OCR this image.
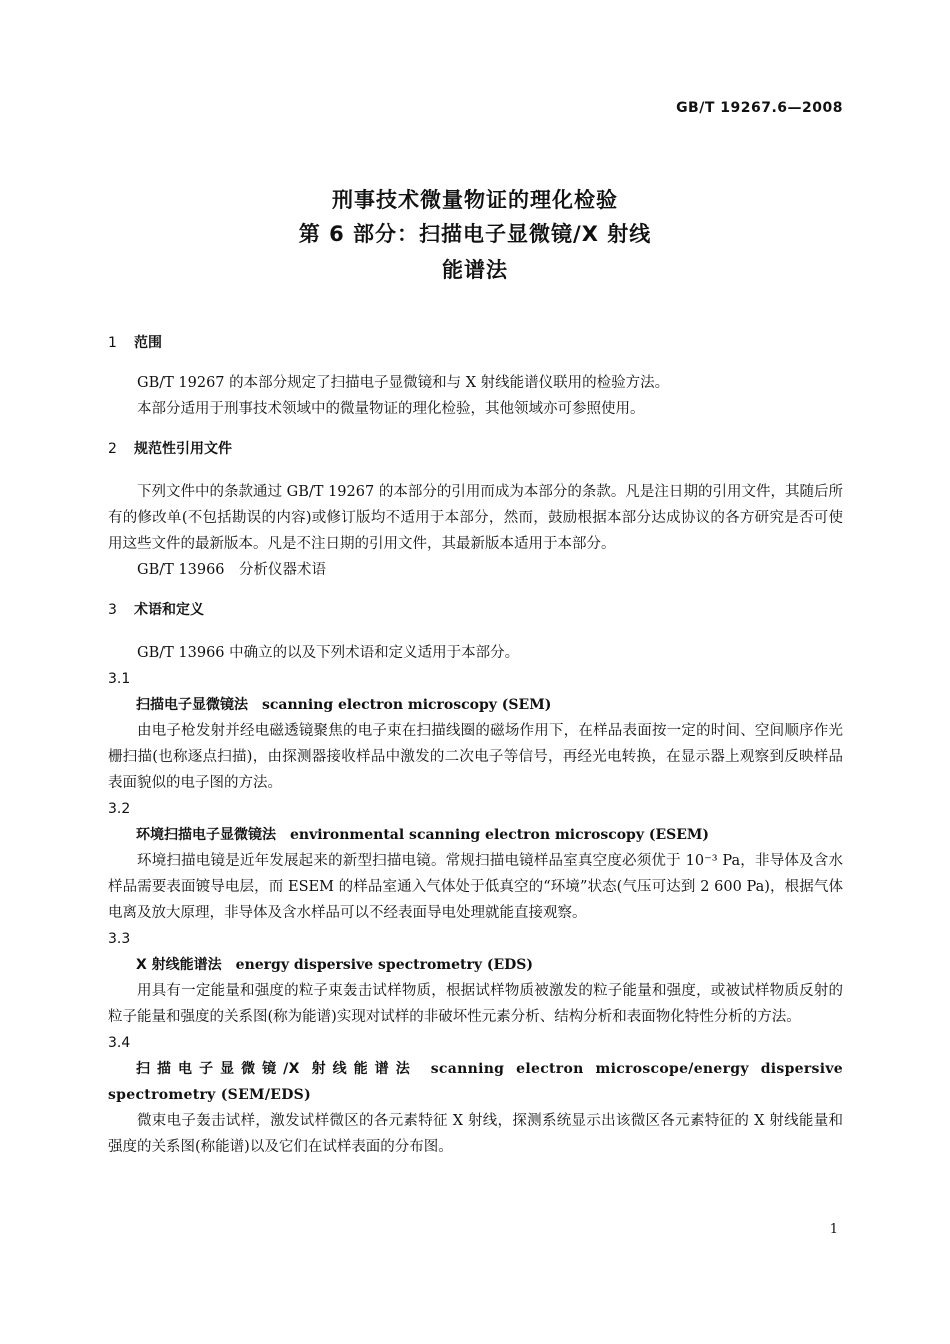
GB/T 19267.6—2008
刑事技术微量物证的理化检验
第 6 部分：扫描电子显微镜/X 射线
能谱法

1 范围

GB/T 19267 的本部分规定了扫描电子显微镜和与 X 射线能谱仪联用的检验方法。

本部分适用于刑事技术领域中的微量物证的理化检验，其他领域亦可参照使用。

2 规范性引用文件

下列文件中的条款通过 GB/T 19267 的本部分的引用而成为本部分的条款。凡是注日期的引用文件，其随后所有的修改单(不包括勘误的内容)或修订版均不适用于本部分，然而，鼓励根据本部分达成协议的各方研究是否可使用这些文件的最新版本。凡是不注日期的引用文件，其最新版本适用于本部分。

GB/T 13966　分析仪器术语

3 术语和定义

GB/T 13966 中确立的以及下列术语和定义适用于本部分。

3.1

扫描电子显微镜法 scanning electron microscopy (SEM)

由电子枪发射并经电磁透镜聚焦的电子束在扫描线圈的磁场作用下，在样品表面按一定的时间、空间顺序作光栅扫描(也称逐点扫描)，由探测器接收样品中激发的二次电子等信号，再经光电转换，在显示器上观察到反映样品表面貌似的电子图的方法。

3.2

环境扫描电子显微镜法 environmental scanning electron microscopy (ESEM)

环境扫描电镜是近年发展起来的新型扫描电镜。常规扫描电镜样品室真空度必须优于 10⁻³ Pa，非导体及含水样品需要表面镀导电层，而 ESEM 的样品室通入气体处于低真空的“环境”状态(气压可达到 2 600 Pa)，根据气体电离及放大原理，非导体及含水样品可以不经表面导电处理就能直接观察。

3.3

X 射线能谱法 energy dispersive spectrometry (EDS)

用具有一定能量和强度的粒子束轰击试样物质，根据试样物质被激发的粒子能量和强度，或被试样物质反射的粒子能量和强度的关系图(称为能谱)实现对试样的非破坏性元素分析、结构分析和表面物化特性分析的方法。

3.4

扫描电子显微镜/X 射线能谱法 scanning electron microscope/energy dispersive spectrometry (SEM/EDS)

微束电子轰击试样，激发试样微区的各元素特征 X 射线，探测系统显示出该微区各元素特征的 X 射线能量和强度的关系图(称能谱)以及它们在试样表面的分布图。

1
